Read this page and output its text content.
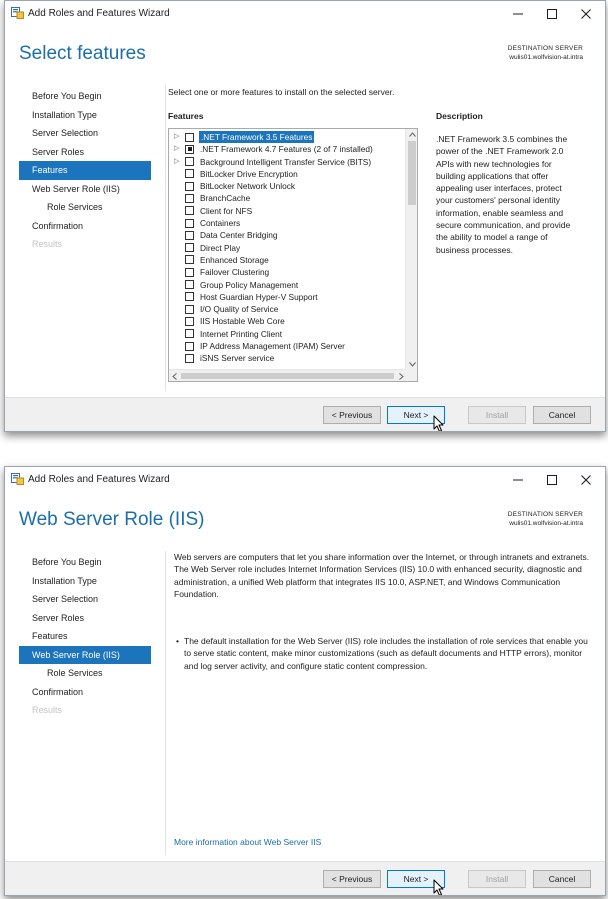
Add Roles and Features Wizard
Select features	DESTINATION SERVER
wulis01.wolfvision-at.intra
Before You Begin
Installation Type
Server Selection
Server Roles
Features
Web Server Role (IIS)
Role Services
Confirmation
Results
Select one or more features to install on the selected server.
Features	Description
▷	.NET Framework 3.5 Features
▷ .NET Framework 4.7 Features (2 of 7 installed)
▷ Background Intelligent Transfer Service (BITS)
BitLocker Drive Encryption
BitLocker Network Unlock
BranchCache
Client for NFS
Containers
Data Center Bridging
Direct Play
Enhanced Storage
Failover Clustering
Group Policy Management
Host Guardian Hyper-V Support
I/O Quality of Service
IIS Hostable Web Core
Internet Printing Client
IP Address Management (IPAM) Server
iSNS Server service
.NET Framework 3.5 combines the power of the .NET Framework 2.0 APIs with new technologies for building applications that offer appealing user interfaces, protect your customers' personal identity information, enable seamless and secure communication, and provide the ability to model a range of business processes.
< Previous	Next >	Install	Cancel
Add Roles and Features Wizard
Web Server Role (IIS)	DESTINATION SERVER
wulis01.wolfvision-at.intra
Before You Begin
Installation Type
Server Selection
Server Roles
Features
Web Server Role (IIS)
Role Services
Confirmation
Results
Web servers are computers that let you share information over the Internet, or through intranets and extranets. The Web Server role includes Internet Information Services (IIS) 10.0 with enhanced security, diagnostic and administration, a unified Web platform that integrates IIS 10.0, ASP.NET, and Windows Communication Foundation.
• The default installation for the Web Server (IIS) role includes the installation of role services that enable you to serve static content, make minor customizations (such as default documents and HTTP errors), monitor and log server activity, and configure static content compression.
More information about Web Server IIS
< Previous	Next >	Install	Cancel
